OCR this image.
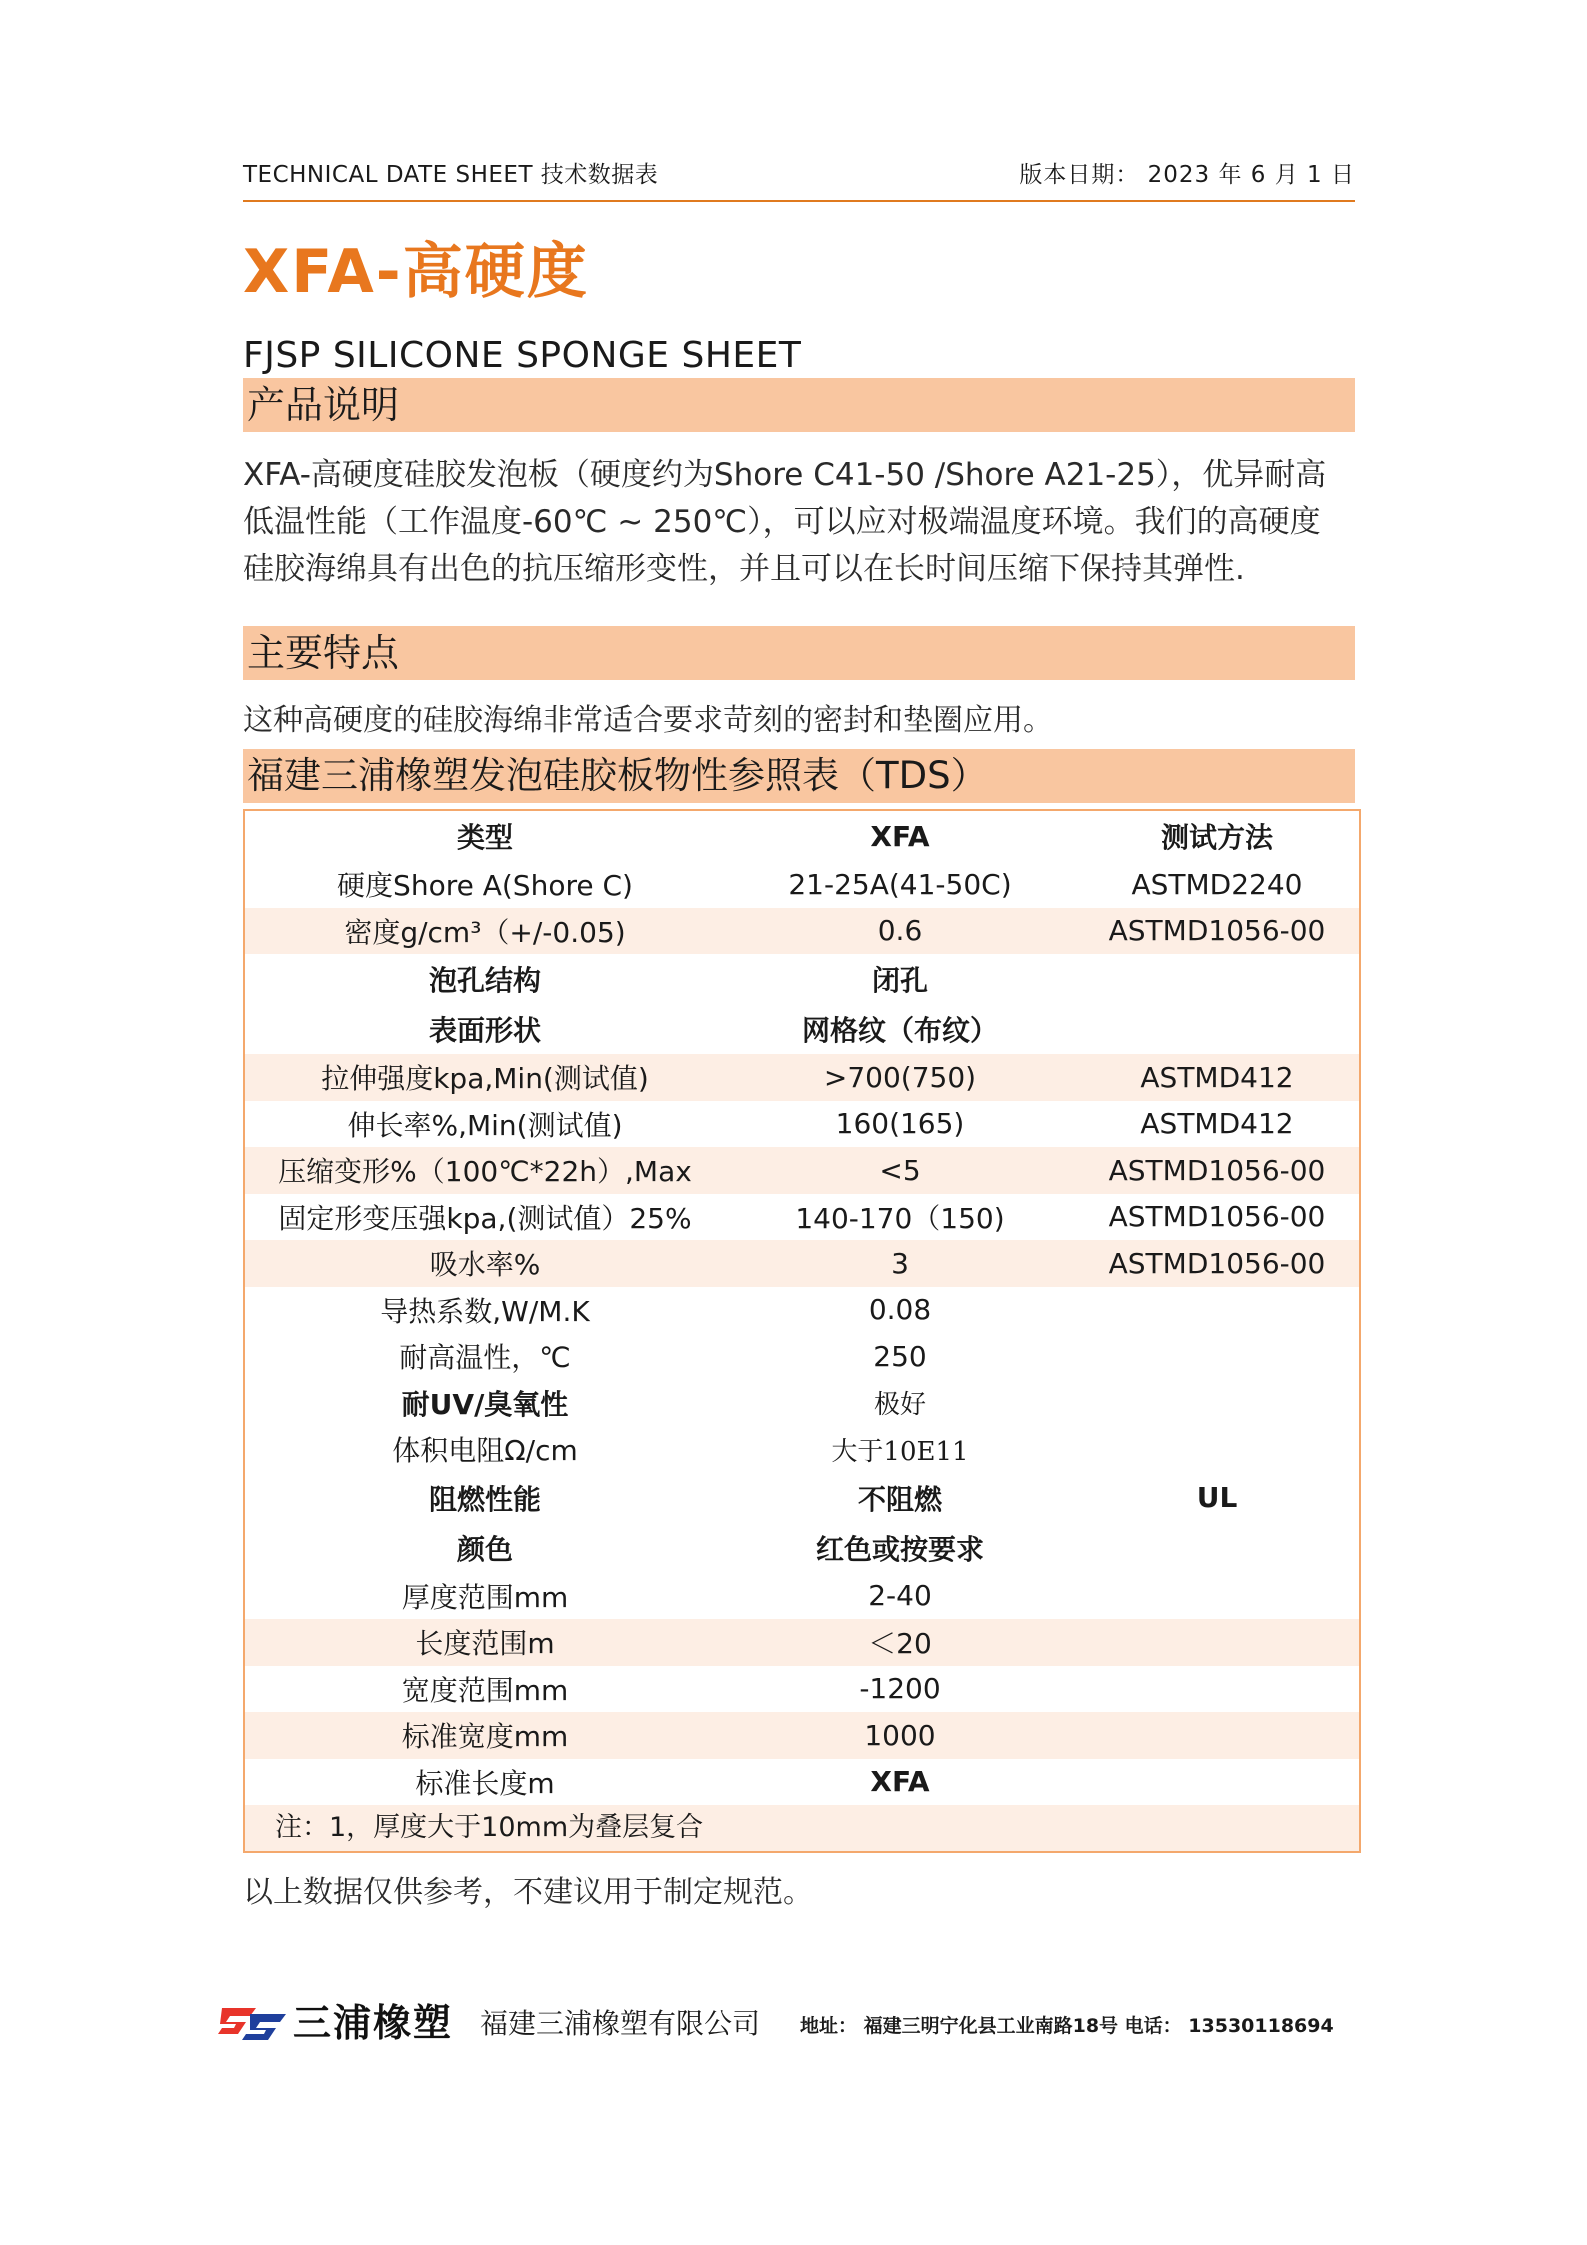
TECHNICAL DATE SHEET 技术数据表	版本日期： 2023 年 6 月 1 日
XFA-高硬度
FJSP SILICONE SPONGE SHEET
产品说明
XFA-高硬度硅胶发泡板（硬度约为Shore C41-50 /Shore A21-25），优异耐高
低温性能（工作温度-60℃ ~ 250℃），可以应对极端温度环境。我们的高硬度
硅胶海绵具有出色的抗压缩形变性，并且可以在长时间压缩下保持其弹性.
主要特点
这种高硬度的硅胶海绵非常适合要求苛刻的密封和垫圈应用。
福建三浦橡塑发泡硅胶板物性参照表（TDS）
类型	XFA	测试方法
硬度Shore A(Shore C)	21-25A(41-50C)	ASTMD2240
密度g/cm³（+/-0.05)	0.6	ASTMD1056-00
泡孔结构	闭孔
表面形状	网格纹（布纹）
拉伸强度kpa,Min(测试值)	>700(750)	ASTMD412
伸长率%,Min(测试值)	160(165)	ASTMD412
压缩变形%（100℃*22h）,Max	<5	ASTMD1056-00
固定形变压强kpa,(测试值）25%	140-170（150)	ASTMD1056-00
吸水率%	3	ASTMD1056-00
导热系数,W/M.K	0.08
耐高温性，℃	250
耐UV/臭氧性	极好
体积电阻Ω/cm	大于10E11
阻燃性能	不阻燃	UL
颜色	红色或按要求
厚度范围mm	2-40
长度范围m	＜20
宽度范围mm	-1200
标准宽度mm	1000
标准长度m	XFA
注：1，厚度大于10mm为叠层复合
以上数据仅供参考，不建议用于制定规范。
三浦橡塑 福建三浦橡塑有限公司 地址： 福建三明宁化县工业南路18号 电话： 13530118694
